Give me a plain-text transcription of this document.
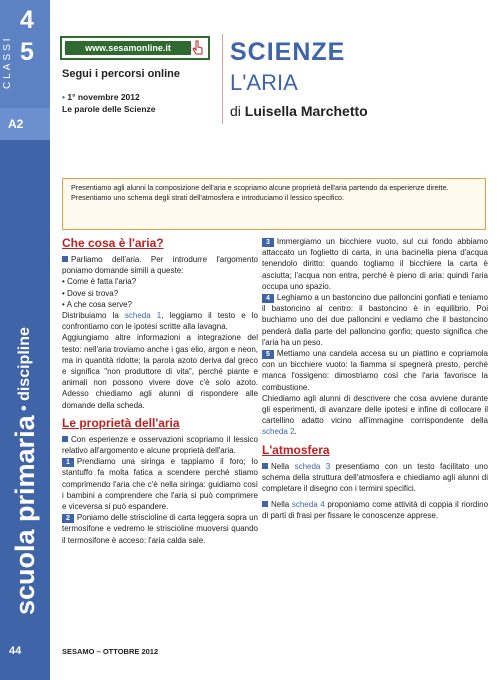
CLASSI
4
5
A2
scuola primaria • discipline
44
www.sesamonline.it
Segui i percorsi online
• 1° novembre 2012
Le parole delle Scienze
SCIENZE
L'ARIA
di Luisella Marchetto
Presentiamo agli alunni la composizione dell'aria e scopriamo alcune proprietà dell'aria partendo da esperienze dirette. Presentiamo uno schema degli strati dell'atmosfera e introduciamo il lessico specifico.
Che cosa è l'aria?

Parliamo dell'aria. Per introdurre l'argomento poniamo domande simili a queste:

• Come è fatta l'aria?

• Dove si trova?

• A che cosa serve?

Distribuiamo la scheda 1, leggiamo il testo e lo confrontiamo con le ipotesi scritte alla lavagna.

Aggiungiamo altre informazioni a integrazione del testo: nell'aria troviamo anche i gas elio, argon e neon, ma in quantità ridotte; la parola azoto deriva dal greco e significa "non produttore di vita", perché piante e animali non possono vivere dove c'è solo azoto. Adesso chiediamo agli alunni di rispondere alle domande della scheda.

Le proprietà dell'aria

Con esperienze e osservazioni scopriamo il lessico relativo all'argomento e alcune proprietà dell'aria.

1 Prendiamo una siringa e tappiamo il foro; lo stantuffo fa molta fatica a scendere perché stiamo comprimendo l'aria che c'è nella siringa: guidiamo così i bambini a comprendere che l'aria si può comprimere e viceversa si può espandere.

2 Poniamo delle striscioline di carta leggera sopra un termosifone e vedremo le striscioline muoversi quando il termosifone è acceso: l'aria calda sale.

3 Immergiamo un bicchiere vuoto, sul cui fondo abbiamo attaccato un foglietto di carta, in una bacinella piena d'acqua tenendolo diritto: quando togliamo il bicchiere la carta è asciutta; l'acqua non entra, perché è pieno di aria: quindi l'aria occupa uno spazio.

4 Leghiamo a un bastoncino due palloncini gonfiati e teniamo il bastoncino al centro: il bastoncino è in equilibrio. Poi buchiamo uno dei due palloncini e vediamo che il bastoncino penderà dalla parte del palloncino gonfio; questo significa che l'aria ha un peso.

5 Mettiamo una candela accesa su un piattino e copriamola con un bicchiere vuoto: la fiamma si spegnerà presto, perché manca l'ossigeno: dimostriamo così che l'aria favorisce la combustione.

Chiediamo agli alunni di descrivere che cosa avviene durante gli esperimenti, di avanzare delle ipotesi e infine di collocare il cartellino adatto vicino all'immagine corrispondente della scheda 2.

L'atmosfera

Nella scheda 3 presentiamo con un testo facilitato uno schema della struttura dell'atmosfera e chiediamo agli alunni di completare il disegno con i termini specifici.

Nella scheda 4 proponiamo come attività di coppia il riordino di parti di frasi per fissare le conoscenze apprese.

SESAMO – OTTOBRE 2012
